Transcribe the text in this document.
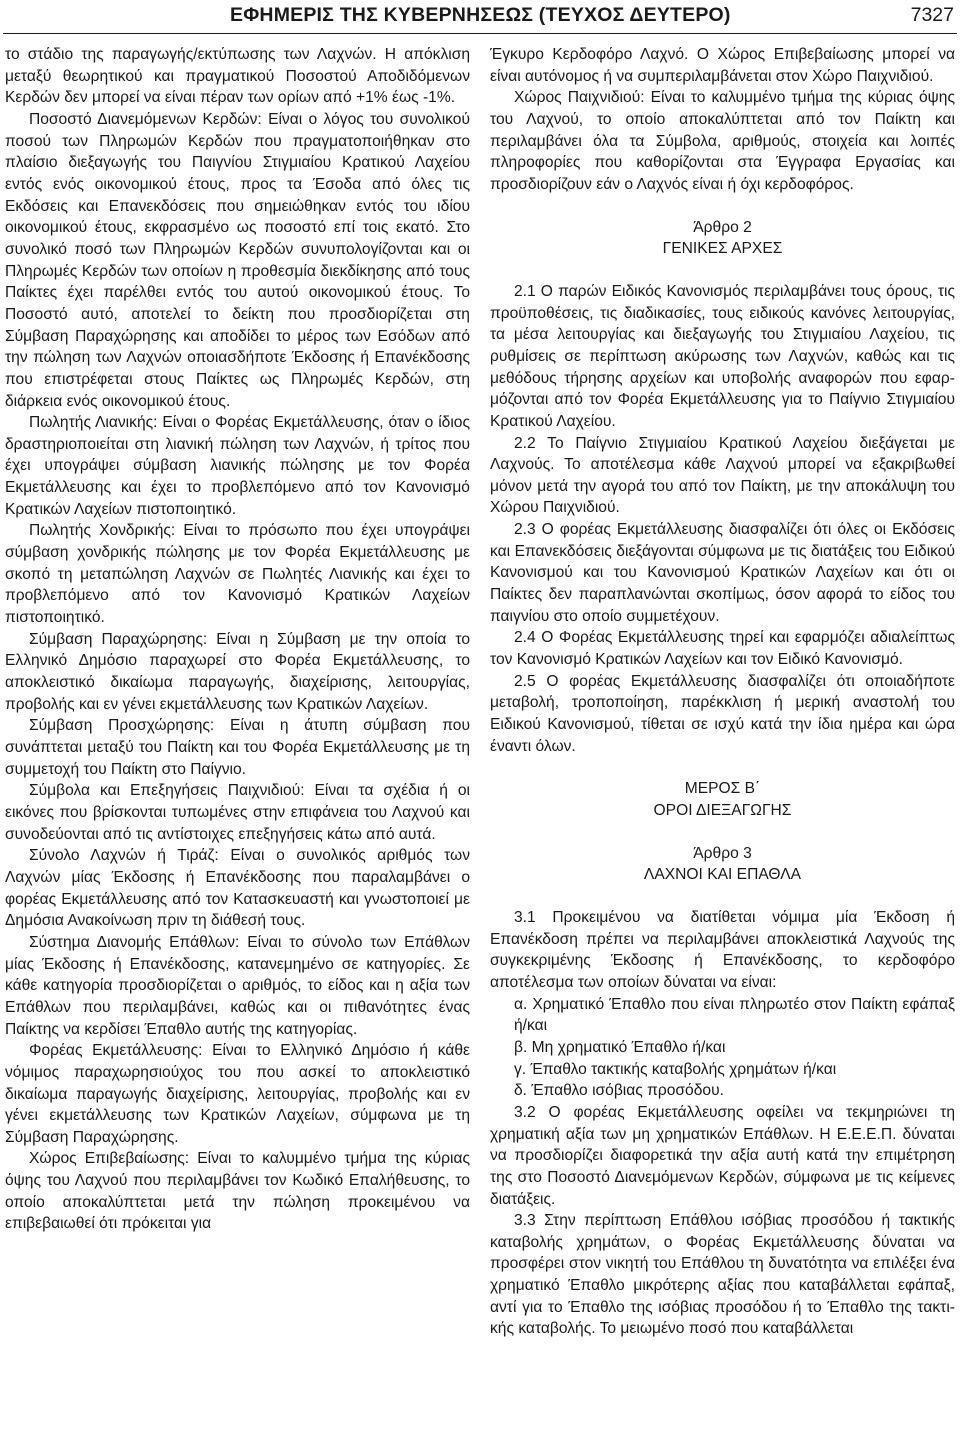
ΕΦΗΜΕΡΙΣ ΤΗΣ ΚΥΒΕΡΝΗΣΕΩΣ (ΤΕΥΧΟΣ ΔΕΥΤΕΡΟ)	7327

το στάδιο της παραγωγής/εκτύπωσης των Λαχνών. Η απόκλιση μεταξύ θεωρητικού και πραγματικού Ποσοστού Αποδιδόμενων Κερδών δεν μπορεί να είναι πέραν των ορίων από +1% έως -1%.

Ποσοστό Διανεμόμενων Κερδών: Είναι ο λόγος του συνολικού ποσού των Πληρωμών Κερδών που πραγματοποιήθηκαν στο πλαίσιο διεξαγωγής του Παιγνίου Στιγμιαίου Κρατικού Λαχείου εντός ενός οικονομικού έτους, προς τα Έσοδα από όλες τις Εκδόσεις και Επανεκδόσεις που σημειώθηκαν εντός του ιδίου οικονομικού έτους, εκφρασμένο ως ποσοστό επί τοις εκατό. Στο συνολικό ποσό των Πληρωμών Κερδών συνυπολογίζονται και οι Πληρωμές Κερδών των οποίων η προθεσμία διεκδίκησης από τους Παίκτες έχει παρέλθει εντός του αυτού οικονομικού έτους. Το Ποσοστό αυτό, αποτελεί το δείκτη που προσδιορίζεται στη Σύμβαση Παραχώρησης και αποδίδει το μέρος των Εσόδων από την πώληση των Λαχνών οποιασδήποτε Έκδοσης ή Επανέκδοσης που επιστρέφεται στους Παίκτες ως Πληρωμές Κερδών, στη διάρκεια ενός οικονομικού έτους.

Πωλητής Λιανικής: Είναι ο Φορέας Εκμετάλλευσης, όταν ο ίδιος δραστηριοποιείται στη λιανική πώληση των Λαχνών, ή τρίτος που έχει υπογράψει σύμβαση λιανικής πώλησης με τον Φορέα Εκμετάλλευσης και έχει το προβλεπόμενο από τον Κανονισμό Κρατικών Λαχείων πιστοποιητικό.

Πωλητής Χονδρικής: Είναι το πρόσωπο που έχει υπογράψει σύμβαση χονδρικής πώλησης με τον Φορέα Εκμετάλλευσης με σκοπό τη μεταπώληση Λαχνών σε Πωλητές Λιανικής και έχει το προβλεπόμενο από τον Κανονισμό Κρατικών Λαχείων πιστοποιητικό.

Σύμβαση Παραχώρησης: Είναι η Σύμβαση με την οποία το Ελληνικό Δημόσιο παραχωρεί στο Φορέα Εκμετάλλευσης, το αποκλειστικό δικαίωμα παραγωγής, διαχείρισης, λειτουργίας, προβολής και εν γένει εκμετάλλευσης των Κρατικών Λαχείων.

Σύμβαση Προσχώρησης: Είναι η άτυπη σύμβαση που συνάπτεται μεταξύ του Παίκτη και του Φορέα Εκμετάλλευσης με τη συμμετοχή του Παίκτη στο Παίγνιο.

Σύμβολα και Επεξηγήσεις Παιχνιδιού: Είναι τα σχέδια ή οι εικόνες που βρίσκονται τυπωμένες στην επιφάνεια του Λαχνού και συνοδεύονται από τις αντίστοιχες επεξηγήσεις κάτω από αυτά.

Σύνολο Λαχνών ή Τιράζ: Είναι ο συνολικός αριθμός των Λαχνών μίας Έκδοσης ή Επανέκδοσης που παραλαμβάνει ο φορέας Εκμετάλλευσης από τον Κατασκευαστή και γνωστοποιεί με Δημόσια Ανακοίνωση πριν τη διάθεσή τους.

Σύστημα Διανομής Επάθλων: Είναι το σύνολο των Επάθλων μίας Έκδοσης ή Επανέκδοσης, κατανεμημένο σε κατηγορίες. Σε κάθε κατηγορία προσδιορίζεται ο αριθμός, το είδος και η αξία των Επάθλων που περιλαμβάνει, καθώς και οι πιθανότητες ένας Παίκτης να κερδίσει Έπαθλο αυτής της κατηγορίας.

Φορέας Εκμετάλλευσης: Είναι το Ελληνικό Δημόσιο ή κάθε νόμιμος παραχωρησιούχος του που ασκεί το αποκλειστικό δικαίωμα παραγωγής διαχείρισης, λειτουργίας, προβολής και εν γένει εκμετάλλευσης των Κρατικών Λαχείων, σύμφωνα με τη Σύμβαση Παραχώρησης.

Χώρος Επιβεβαίωσης: Είναι το καλυμμένο τμήμα της κύριας όψης του Λαχνού που περιλαμβάνει τον Κωδικό Επαλήθευσης, το οποίο αποκαλύπτεται μετά την πώληση προκειμένου να επιβεβαιωθεί ότι πρόκειται για

Έγκυρο Κερδοφόρο Λαχνό. Ο Χώρος Επιβεβαίωσης μπορεί να είναι αυτόνομος ή να συμπεριλαμβάνεται στον Χώρο Παιχνιδιού.

Χώρος Παιχνιδιού: Είναι το καλυμμένο τμήμα της κύριας όψης του Λαχνού, το οποίο αποκαλύπτεται από τον Παίκτη και περιλαμβάνει όλα τα Σύμβολα, αριθμούς, στοιχεία και λοιπές πληροφορίες που καθορίζονται στα Έγγραφα Εργασίας και προσδιορίζουν εάν ο Λαχνός είναι ή όχι κερδοφόρος.

Άρθρο 2

ΓΕΝΙΚΕΣ ΑΡΧΕΣ

2.1 Ο παρών Ειδικός Κανονισμός περιλαμβάνει τους όρους, τις προϋποθέσεις, τις διαδικασίες, τους ειδικούς κανόνες λειτουργίας, τα μέσα λειτουργίας και διεξαγωγής του Στιγμιαίου Λαχείου, τις ρυθμίσεις σε περίπτωση ακύρωσης των Λαχνών, καθώς και τις μεθόδους τήρησης αρχείων και υποβολής αναφορών που εφαρμόζονται από τον Φορέα Εκμετάλλευσης για το Παίγνιο Στιγμιαίου Κρατικού Λαχείου.

2.2 Το Παίγνιο Στιγμιαίου Κρατικού Λαχείου διεξάγεται με Λαχνούς. Το αποτέλεσμα κάθε Λαχνού μπορεί να εξακριβωθεί μόνον μετά την αγορά του από τον Παίκτη, με την αποκάλυψη του Χώρου Παιχνιδιού.

2.3 Ο φορέας Εκμετάλλευσης διασφαλίζει ότι όλες οι Εκδόσεις και Επανεκδόσεις διεξάγονται σύμφωνα με τις διατάξεις του Ειδικού Κανονισμού και του Κανονισμού Κρατικών Λαχείων και ότι οι Παίκτες δεν παραπλανώνται σκοπίμως, όσον αφορά το είδος του παιγνίου στο οποίο συμμετέχουν.

2.4 Ο Φορέας Εκμετάλλευσης τηρεί και εφαρμόζει αδιαλείπτως τον Κανονισμό Κρατικών Λαχείων και τον Ειδικό Κανονισμό.

2.5 Ο φορέας Εκμετάλλευσης διασφαλίζει ότι οποιαδήποτε μεταβολή, τροποποίηση, παρέκκλιση ή μερική αναστολή του Ειδικού Κανονισμού, τίθεται σε ισχύ κατά την ίδια ημέρα και ώρα έναντι όλων.

ΜΕΡΟΣ Β΄

ΟΡΟΙ ΔΙΕΞΑΓΩΓΗΣ

Άρθρο 3

ΛΑΧΝΟΙ ΚΑΙ ΕΠΑΘΛΑ

3.1 Προκειμένου να διατίθεται νόμιμα μία Έκδοση ή Επανέκδοση πρέπει να περιλαμβάνει αποκλειστικά Λαχνούς της συγκεκριμένης Έκδοσης ή Επανέκδοσης, το κερδοφόρο αποτέλεσμα των οποίων δύναται να είναι:

α. Χρηματικό Έπαθλο που είναι πληρωτέο στον Παίκτη εφάπαξ ή/και

β. Μη χρηματικό Έπαθλο ή/και

γ. Έπαθλο τακτικής καταβολής χρημάτων ή/και

δ. Έπαθλο ισόβιας προσόδου.

3.2 Ο φορέας Εκμετάλλευσης οφείλει να τεκμηριώνει τη χρηματική αξία των μη χρηματικών Επάθλων. Η Ε.Ε.Ε.Π. δύναται να προσδιορίζει διαφορετικά την αξία αυτή κατά την επιμέτρηση της στο Ποσοστό Διανεμόμενων Κερδών, σύμφωνα με τις κείμενες διατάξεις.

3.3 Στην περίπτωση Επάθλου ισόβιας προσόδου ή τακτικής καταβολής χρημάτων, ο Φορέας Εκμετάλλευσης δύναται να προσφέρει στον νικητή του Επάθλου τη δυνατότητα να επιλέξει ένα χρηματικό Έπαθλο μικρότερης αξίας που καταβάλλεται εφάπαξ, αντί για το Έπαθλο της ισόβιας προσόδου ή το Έπαθλο της τακτικής καταβολής. Το μειωμένο ποσό που καταβάλλεται
